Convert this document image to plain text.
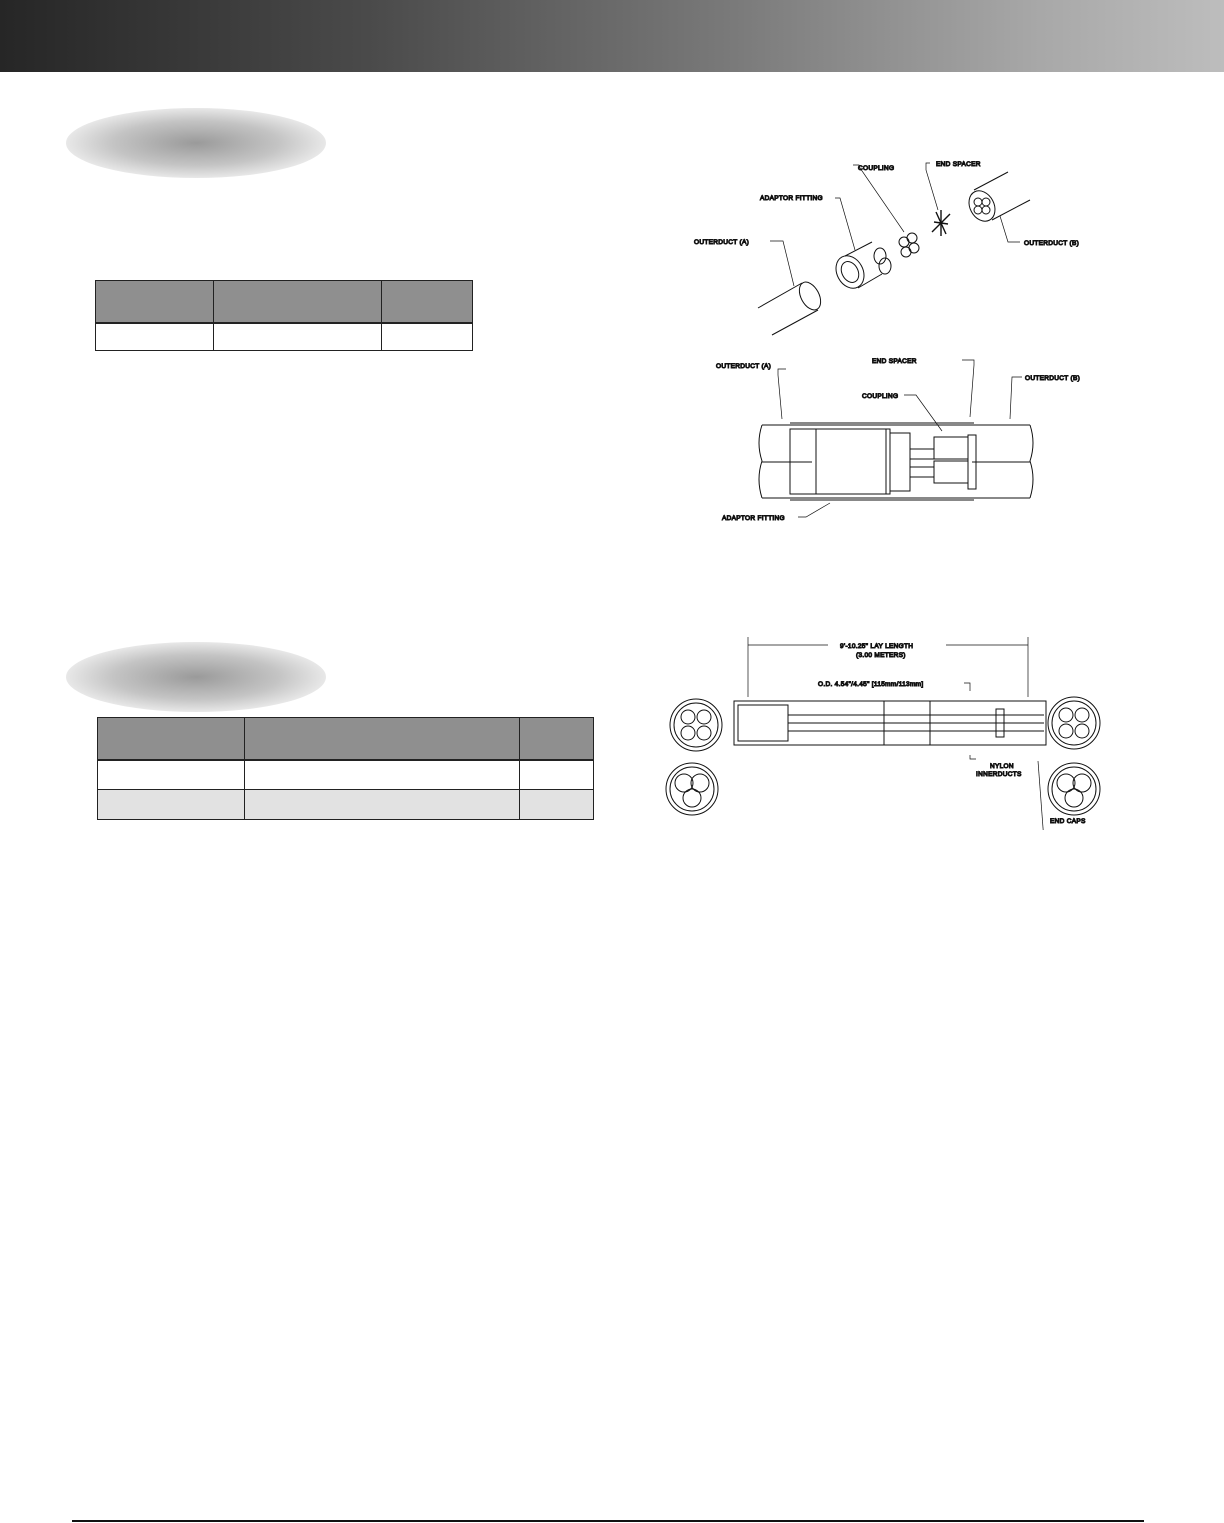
COUPLING
END SPACER
ADAPTOR FITTING
OUTERDUCT (A)	OUTERDUCT (B)
OUTERDUCT (A)
END SPACER
OUTERDUCT (B)
COUPLING
ADAPTOR FITTING
9'-10.25" LAY LENGTH
(3.00 METERS)
O.D. 4.54"/4.45" [115mm/113mm]
NYLON
INNERDUCTS
END CAPS
